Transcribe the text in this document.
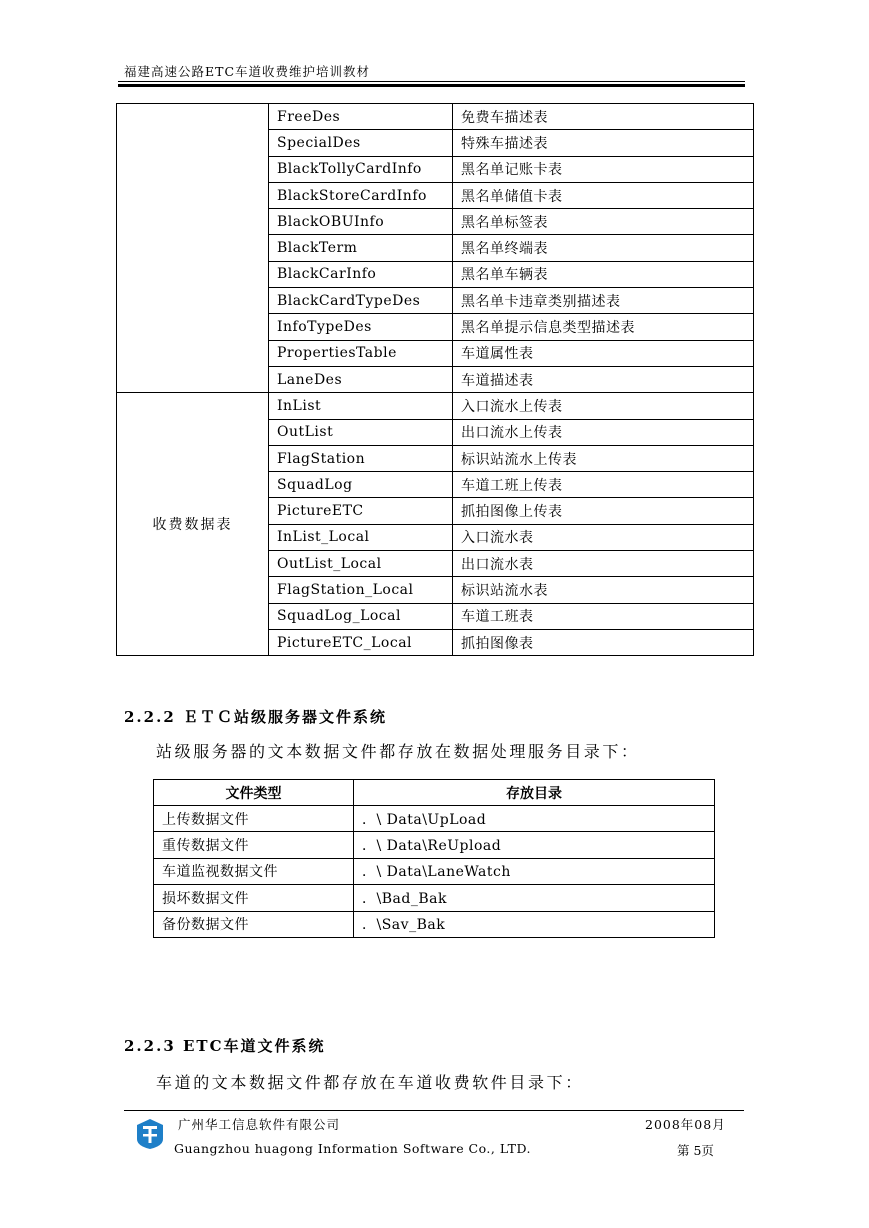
福建高速公路ETC车道收费维护培训教材
	FreeDes	免费车描述表
	SpecialDes	特殊车描述表
	BlackTollyCardInfo	黑名单记账卡表
	BlackStoreCardInfo	黑名单储值卡表
	BlackOBUInfo	黑名单标签表
	BlackTerm	黑名单终端表
	BlackCarInfo	黑名单车辆表
	BlackCardTypeDes	黑名单卡违章类别描述表
	InfoTypeDes	黑名单提示信息类型描述表
	PropertiesTable	车道属性表
	LaneDes	车道描述表
收费数据表	InList	入口流水上传表
	OutList	出口流水上传表
	FlagStation	标识站流水上传表
	SquadLog	车道工班上传表
	PictureETC	抓拍图像上传表
	InList_Local	入口流水表
	OutList_Local	出口流水表
	FlagStation_Local	标识站流水表
	SquadLog_Local	车道工班表
	PictureETC_Local	抓拍图像表
2.2.2 ＥＴＣ站级服务器文件系统
站级服务器的文本数据文件都存放在数据处理服务目录下：
文件类型	存放目录
上传数据文件	．\ Data\UpLoad
重传数据文件	．\ Data\ReUpload
车道监视数据文件	．\ Data\LaneWatch
损坏数据文件	．\Bad_Bak
备份数据文件	．\Sav_Bak
2.2.3 ETC车道文件系统
车道的文本数据文件都存放在车道收费软件目录下：
广州华工信息软件有限公司
Guangzhou huagong Information Software Co., LTD.
2008年08月
第 5页
